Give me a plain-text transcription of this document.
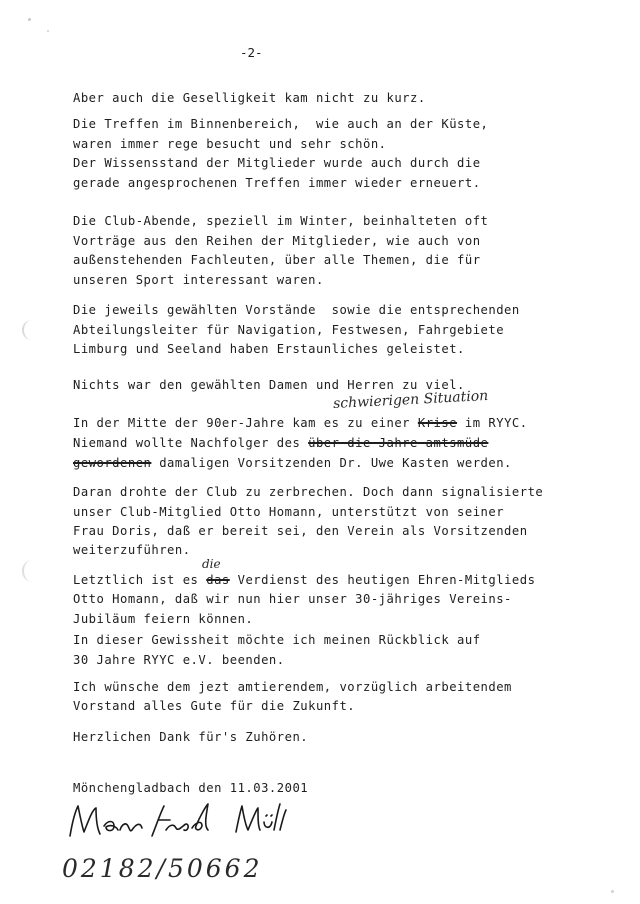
-2-
Aber auch die Geselligkeit kam nicht zu kurz.
Die Treffen im Binnenbereich,  wie auch an der Küste,
waren immer rege besucht und sehr schön.
Der Wissensstand der Mitglieder wurde auch durch die
gerade angesprochenen Treffen immer wieder erneuert.
Die Club-Abende, speziell im Winter, beinhalteten oft
Vorträge aus den Reihen der Mitglieder, wie auch von
außenstehenden Fachleuten, über alle Themen, die für
unseren Sport interessant waren.
Die jeweils gewählten Vorstände  sowie die entsprechenden
Abteilungsleiter für Navigation, Festwesen, Fahrgebiete
Limburg und Seeland haben Erstaunliches geleistet.
Nichts war den gewählten Damen und Herren zu viel.
schwierigen Situation
In der Mitte der 90er-Jahre kam es zu einer Krise im RYYC.
Niemand wollte Nachfolger des über die Jahre amtsmüde
gewordenen damaligen Vorsitzenden Dr. Uwe Kasten werden.
Daran drohte der Club zu zerbrechen. Doch dann signalisierte
unser Club-Mitglied Otto Homann, unterstützt von seiner
Frau Doris, daß er bereit sei, den Verein als Vorsitzenden
weiterzuführen.
die
Letztlich ist es das Verdienst des heutigen Ehren-Mitglieds
Otto Homann, daß wir nun hier unser 30-jähriges Vereins-
Jubiläum feiern können.
In dieser Gewissheit möchte ich meinen Rückblick auf
30 Jahre RYYC e.V. beenden.
Ich wünsche dem jezt amtierendem, vorzüglich arbeitendem
Vorstand alles Gute für die Zukunft.
Herzlichen Dank für's Zuhören.
Mönchengladbach den 11.03.2001
02182/50662
